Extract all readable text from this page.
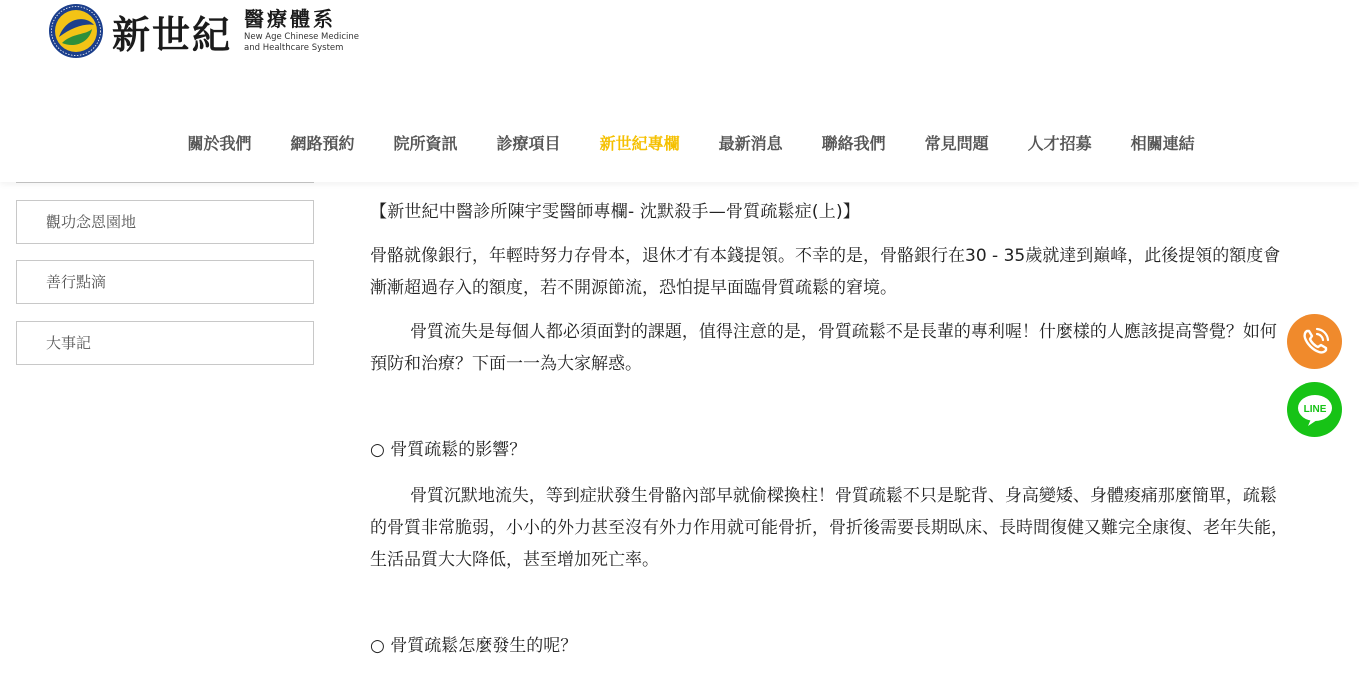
新世紀 醫療體系
New Age Chinese Medicine
and Healthcare System
關於我們	網路預約	院所資訊	診療項目	新世紀專欄	最新消息	聯絡我們	常見問題	人才招募	相關連結
觀功念恩園地
善行點滴
大事記

【新世紀中醫診所陳宇雯醫師專欄- 沈默殺手—骨質疏鬆症(上)】

骨骼就像銀行，年輕時努力存骨本，退休才有本錢提領。不幸的是，骨骼銀行在30 - 35歲就達到巔峰，此後提領的額度會漸漸超過存入的額度，若不開源節流，恐怕提早面臨骨質疏鬆的窘境。

骨質流失是每個人都必須面對的課題，值得注意的是，骨質疏鬆不是長輩的專利喔！什麼樣的人應該提高警覺？如何預防和治療？下面一一為大家解惑。

○ 骨質疏鬆的影響？

骨質沉默地流失，等到症狀發生骨骼內部早就偷樑換柱！骨質疏鬆不只是駝背、身高變矮、身體痠痛那麼簡單，疏鬆的骨質非常脆弱，小小的外力甚至沒有外力作用就可能骨折，骨折後需要長期臥床、長時間復健又難完全康復、老年失能，生活品質大大降低，甚至增加死亡率。

○ 骨質疏鬆怎麼發生的呢？

LINE
